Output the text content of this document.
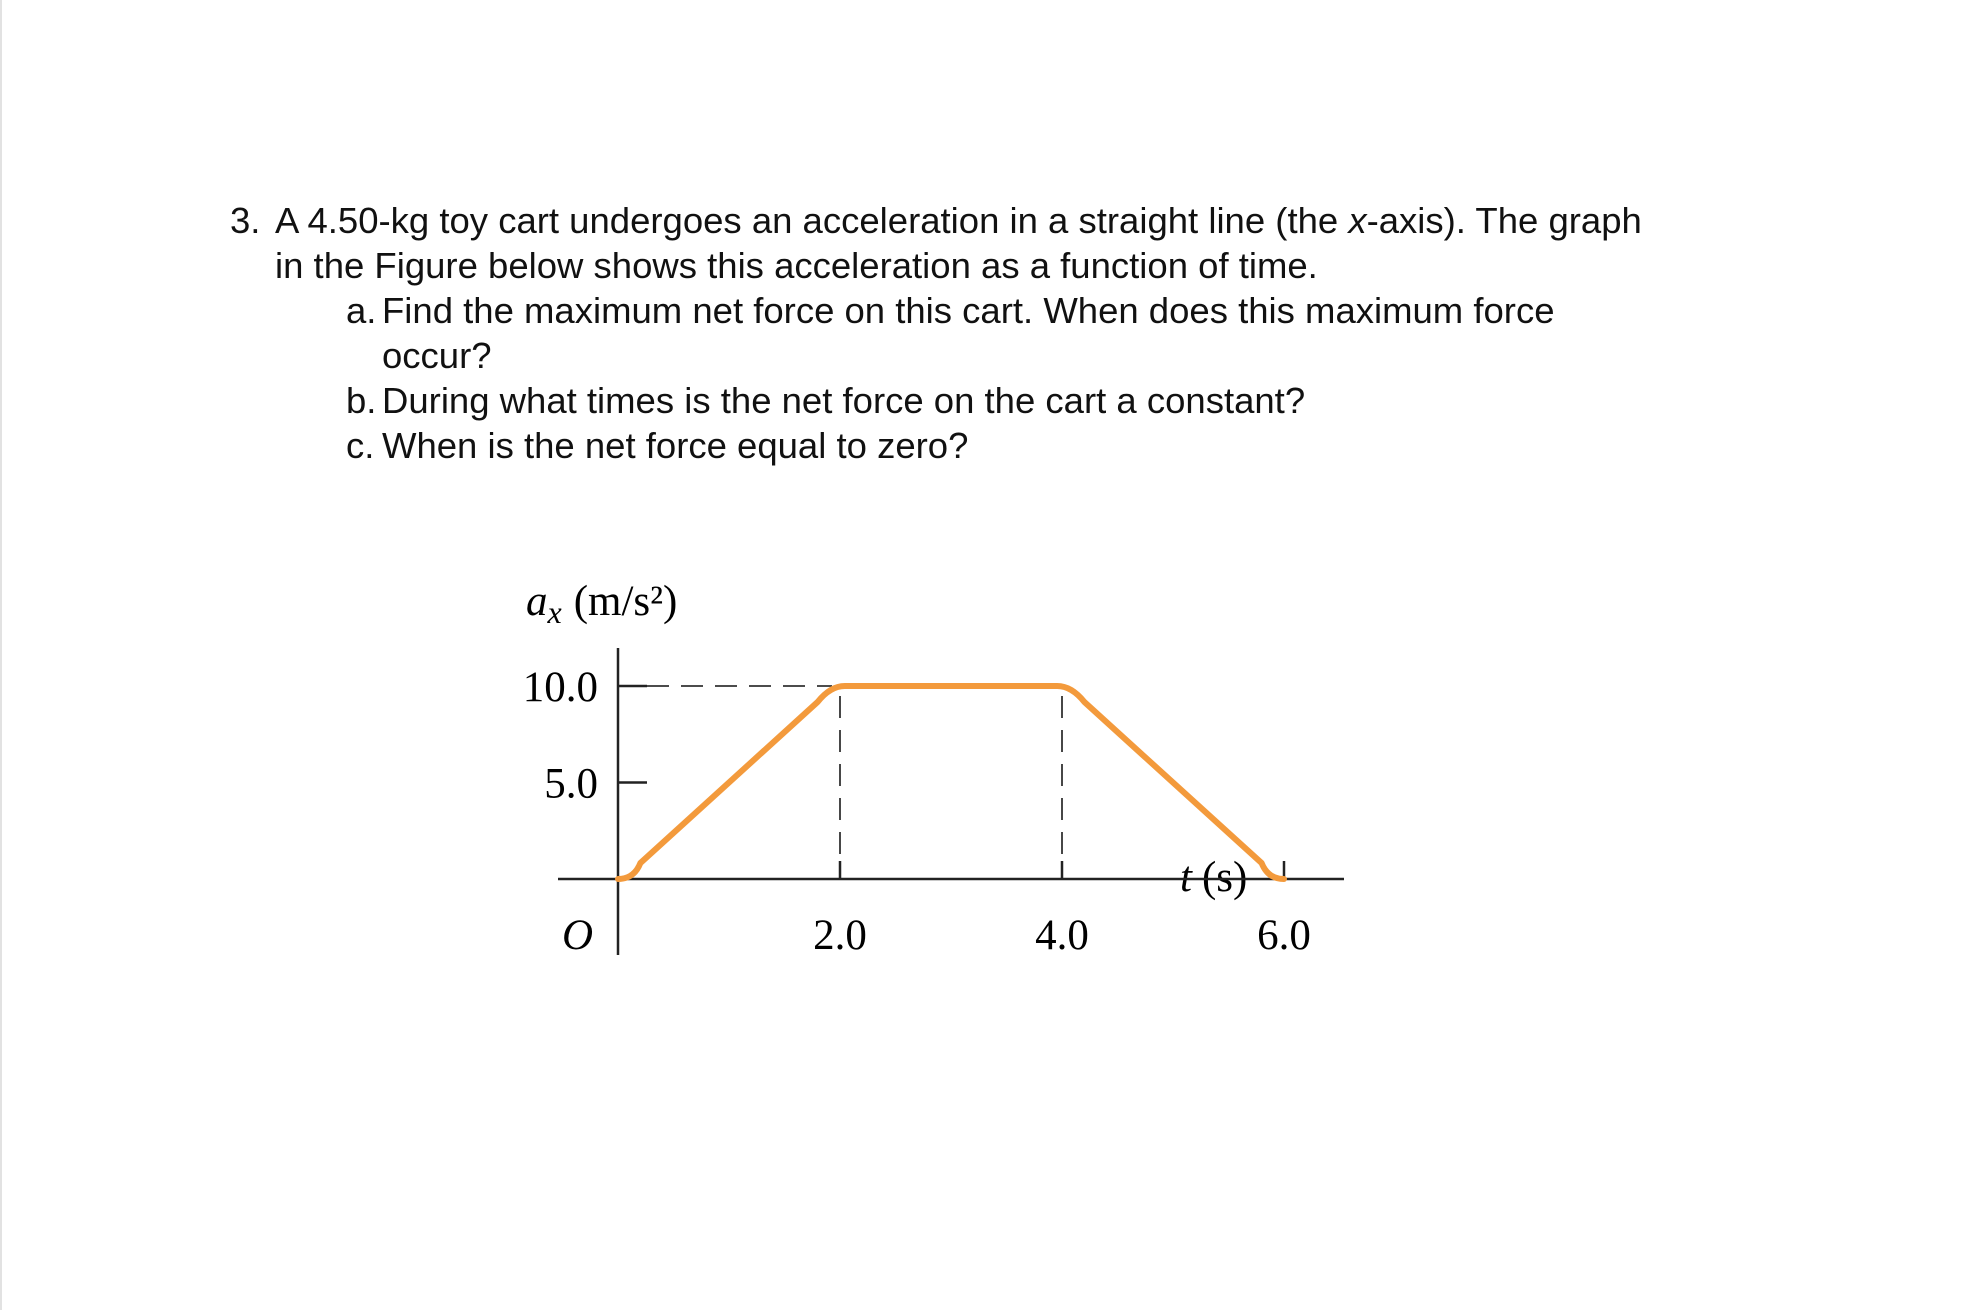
3. A 4.50-kg toy cart undergoes an acceleration in a straight line (the x-axis). The graph
in the Figure below shows this acceleration as a function of time.
a. Find the maximum net force on this cart. When does this maximum force
occur?
b. During what times is the net force on the cart a constant?
c. When is the net force equal to zero?
ax (m/s²)
t (s)
O
5.0
10.0
2.0	4.0	6.0
